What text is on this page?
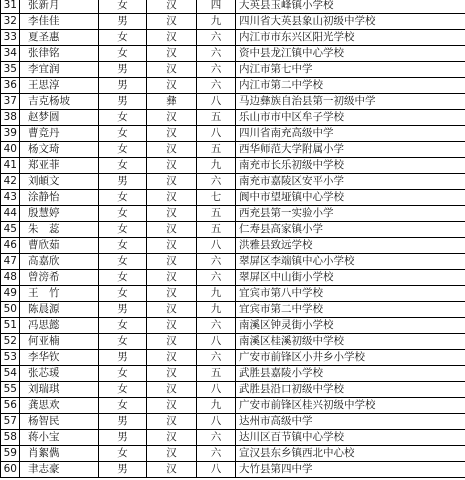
31	张新月	女	汉	四	大英县玉峰镇小学校
32	李佳佳	男	汉	九	四川省大英县象山初级中学校
33	夏圣惠	女	汉	六	内江市市东兴区阳光学校
34	张律铭	女	汉	六	资中县龙江镇中心学校
35	李宜润	男	汉	六	内江市第七中学
36	王思淳	男	汉	六	内江市第二中学校
37	吉克杨坡	男	彝	八	马边彝族自治县第一初级中学
38	赵梦圆	女	汉	五	乐山市市中区牟子学校
39	曹竞丹	女	汉	八	四川省南充高级中学
40	杨文琦	女	汉	五	西华师范大学附属小学
41	郑亚菲	女	汉	九	南充市长乐初级中学校
42	刘頔文	男	汉	六	南充市嘉陵区安平小学
43	涂静怡	女	汉	七	阆中市望垭镇中心学校
44	殷慧婷	女	汉	五	西充县第一实验小学
45	朱　蕊	女	汉	五	仁寿县高家镇小学
46	曹欣茹	女	汉	八	洪雅县致远学校
47	高嘉欣	女	汉	六	翠屏区李端镇中心小学校
48	曾滂希	女	汉	六	翠屏区中山街小学校
49	王　竹	女	汉	九	宜宾市第八中学校
50	陈晨源	男	汉	九	宜宾市第二中学校
51	冯思懿	女	汉	六	南溪区钟灵街小学校
52	何亚楠	女	汉	八	南溪区桂溪初级中学校
53	李华钦	男	汉	六	广安市前锋区小井乡小学校
54	张芯瑗	女	汉	五	武胜县嘉陵小学校
55	刘瑞琪	女	汉	八	武胜县沿口初级中学校
56	龚思欢	女	汉	九	广安市前锋区桂兴初级中学校
57	杨智民	男	汉	八	达州市高级中学
58	蒋小宝	男	汉	六	达川区百节镇中心学校
59	肖絮儁	女	汉	六	宣汉县东乡镇西北中心校
60	聿志豪	男	汉	八	大竹县第四中学
